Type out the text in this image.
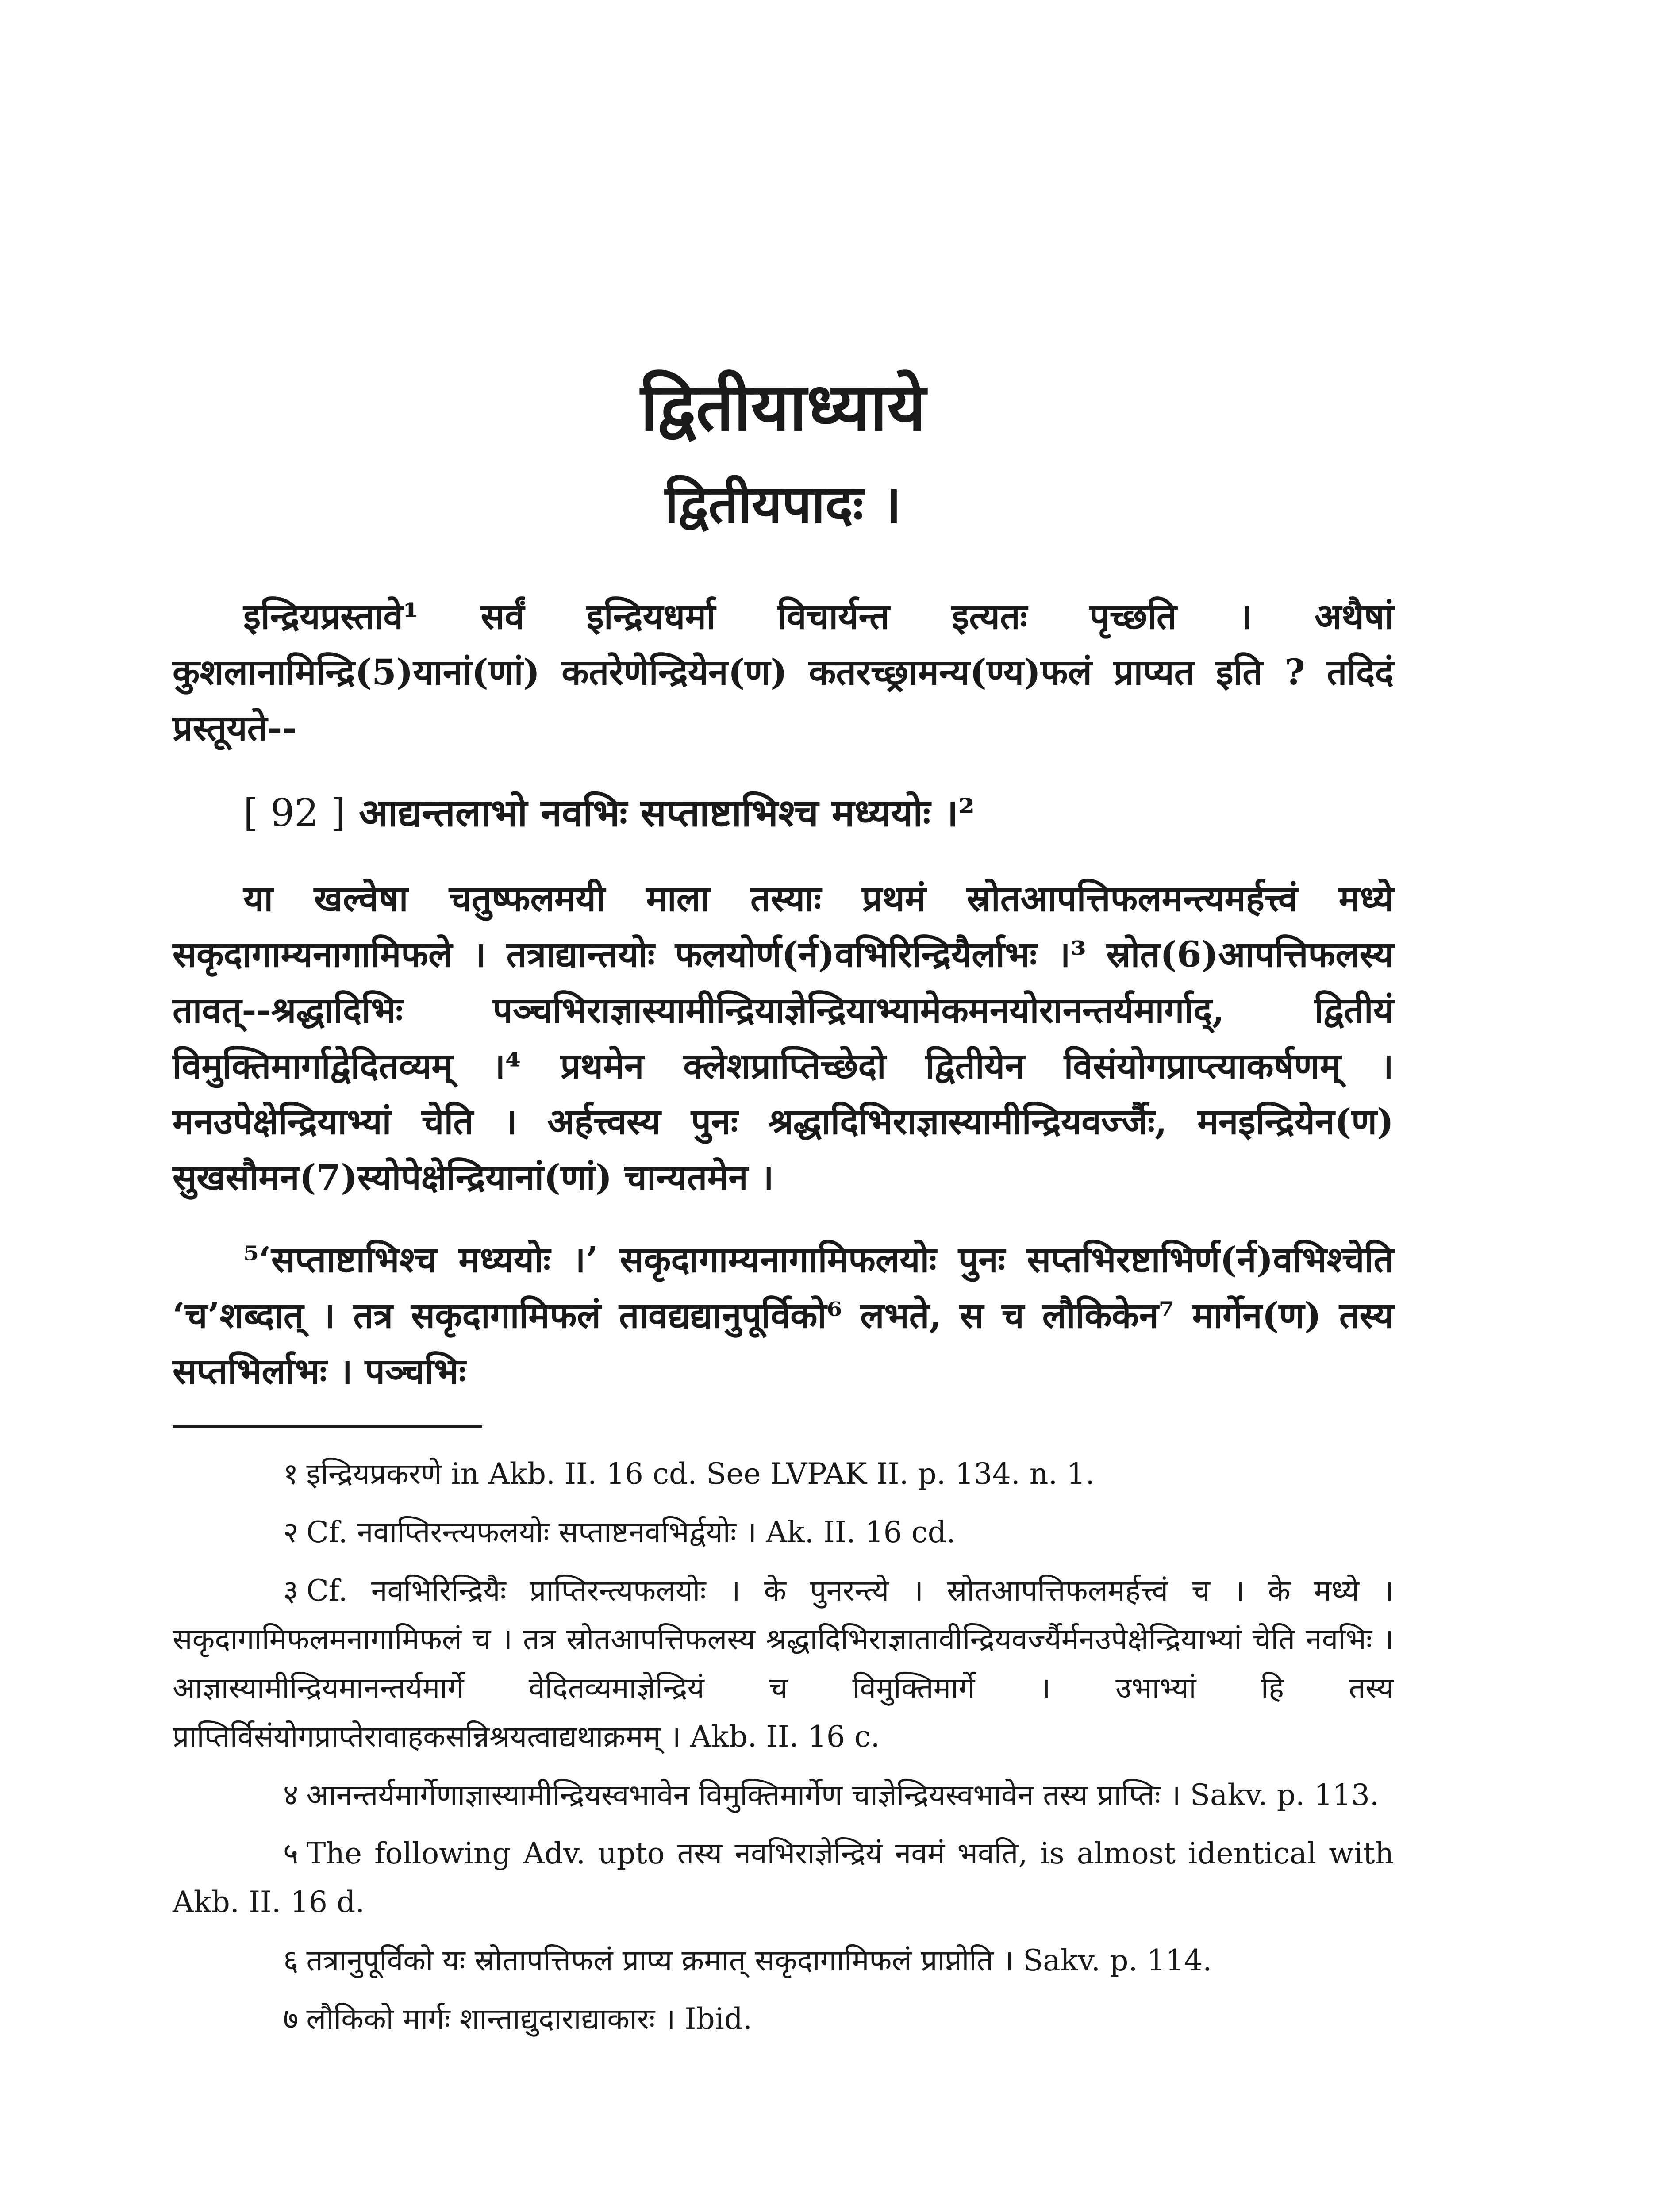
द्वितीयाध्याये
द्वितीयपादः ।

इन्द्रियप्रस्तावे¹ सर्वं इन्द्रियधर्मा विचार्यन्त इत्यतः पृच्छति । अथैषां कुशलानामिन्द्रि(5)यानां(णां) कतरेणेन्द्रियेन(ण) कतरच्छ्रामन्य(ण्य)फलं प्राप्यत इति ? तदिदं प्रस्तूयते--

[ 92 ] आद्यन्तलाभो नवभिः सप्ताष्टाभिश्च मध्ययोः ।²

या खल्वेषा चतुष्फलमयी माला तस्याः प्रथमं स्रोतआपत्तिफलमन्त्यमर्हत्त्वं मध्ये सकृदागाम्यनागामिफले । तत्राद्यान्तयोः फलयोर्ण(र्न)वभिरिन्द्रियैर्लाभः ।³ स्रोत(6)आपत्तिफलस्य तावत्--श्रद्धादिभिः पञ्चभिराज्ञास्यामीन्द्रियाज्ञेन्द्रियाभ्यामेकमनयोरानन्तर्यमार्गाद्, द्वितीयं विमुक्तिमार्गाद्वेदितव्यम् ।⁴ प्रथमेन क्लेशप्राप्तिच्छेदो द्वितीयेन विसंयोगप्राप्त्याकर्षणम् । मनउपेक्षेन्द्रियाभ्यां चेति । अर्हत्त्वस्य पुनः श्रद्धादिभिराज्ञास्यामीन्द्रियवर्ज्जैः, मनइन्द्रियेन(ण) सुखसौमन(7)स्योपेक्षेन्द्रियानां(णां) चान्यतमेन ।

⁵‘सप्ताष्टाभिश्च मध्ययोः ।’ सकृदागाम्यनागामिफलयोः पुनः सप्तभिरष्टाभिर्ण(र्न)वभिश्चेति ‘च’शब्दात् । तत्र सकृदागामिफलं तावद्यद्यानुपूर्विको⁶ लभते, स च लौकिकेन⁷ मार्गेन(ण) तस्य सप्तभिर्लाभः । पञ्चभिः

१ इन्द्रियप्रकरणे in Akb. II. 16 cd. See LVPAK II. p. 134. n. 1.

२ Cf. नवाप्तिरन्त्यफलयोः सप्ताष्टनवभिर्द्वयोः । Ak. II. 16 cd.

३ Cf. नवभिरिन्द्रियैः प्राप्तिरन्त्यफलयोः । के पुनरन्त्ये । स्रोतआपत्तिफलमर्हत्त्वं च । के मध्ये । सकृदागामिफलमनागामिफलं च । तत्र स्रोतआपत्तिफलस्य श्रद्धादिभिराज्ञातावीन्द्रियवर्ज्यैर्मनउपेक्षेन्द्रियाभ्यां चेति नवभिः । आज्ञास्यामीन्द्रियमानन्तर्यमार्गे वेदितव्यमाज्ञेन्द्रियं च विमुक्तिमार्गे । उभाभ्यां हि तस्य प्राप्तिर्विसंयोगप्राप्तेरावाहकसन्निश्रयत्वाद्यथाक्रमम् । Akb. II. 16 c.

४ आनन्तर्यमार्गेणाज्ञास्यामीन्द्रियस्वभावेन विमुक्तिमार्गेण चाज्ञेन्द्रियस्वभावेन तस्य प्राप्तिः । Sakv. p. 113.

५ The following Adv. upto तस्य नवभिराज्ञेन्द्रियं नवमं भवति, is almost identical with Akb. II. 16 d.

६ तत्रानुपूर्विको यः स्रोतापत्तिफलं प्राप्य क्रमात् सकृदागामिफलं प्राप्नोति । Sakv. p. 114.

७ लौकिको मार्गः शान्ताद्युदाराद्याकारः । Ibid.
